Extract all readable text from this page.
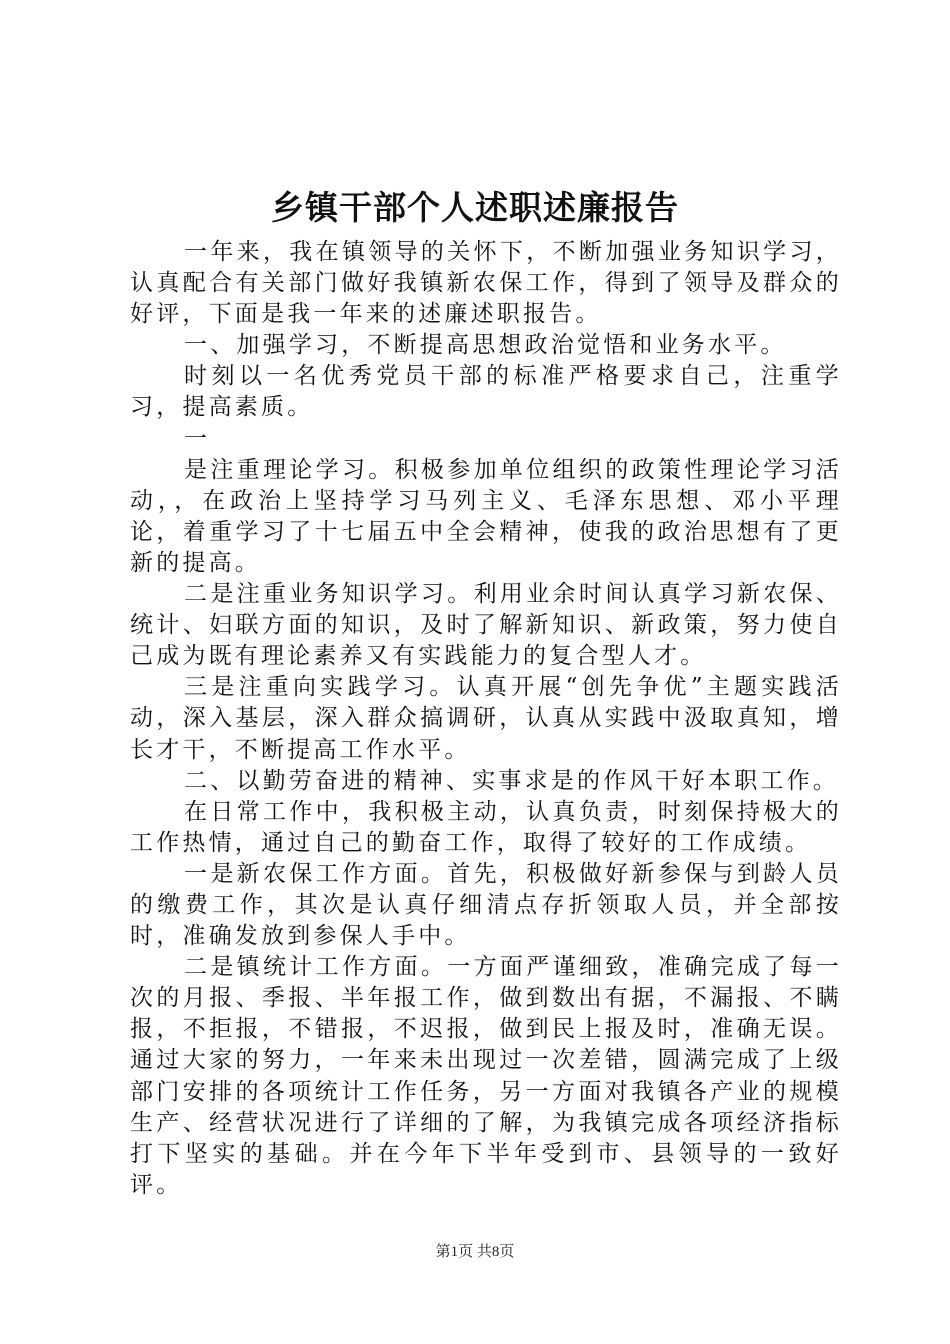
乡镇干部个人述职述廉报告

一年来，我在镇领导的关怀下，不断加强业务知识学习，认真配合有关部门做好我镇新农保工作，得到了领导及群众的好评，下面是我一年来的述廉述职报告。

一、加强学习，不断提高思想政治觉悟和业务水平。

时刻以一名优秀党员干部的标准严格要求自己，注重学习，提高素质。

一

是注重理论学习。积极参加单位组织的政策性理论学习活动，，在政治上坚持学习马列主义、毛泽东思想、邓小平理论，着重学习了十七届五中全会精神，使我的政治思想有了更新的提高。

二是注重业务知识学习。利用业余时间认真学习新农保、统计、妇联方面的知识，及时了解新知识、新政策，努力使自己成为既有理论素养又有实践能力的复合型人才。

三是注重向实践学习。认真开展“创先争优”主题实践活动，深入基层，深入群众搞调研，认真从实践中汲取真知，增长才干，不断提高工作水平。

二、以勤劳奋进的精神、实事求是的作风干好本职工作。

在日常工作中，我积极主动，认真负责，时刻保持极大的工作热情，通过自己的勤奋工作，取得了较好的工作成绩。

一是新农保工作方面。首先，积极做好新参保与到龄人员的缴费工作，其次是认真仔细清点存折领取人员，并全部按时，准确发放到参保人手中。

二是镇统计工作方面。一方面严谨细致，准确完成了每一次的月报、季报、半年报工作，做到数出有据，不漏报、不瞒报，不拒报，不错报，不迟报，做到民上报及时，准确无误。通过大家的努力，一年来未出现过一次差错，圆满完成了上级部门安排的各项统计工作任务，另一方面对我镇各产业的规模生产、经营状况进行了详细的了解，为我镇完成各项经济指标打下坚实的基础。并在今年下半年受到市、县领导的一致好评。

第1页 共8页
